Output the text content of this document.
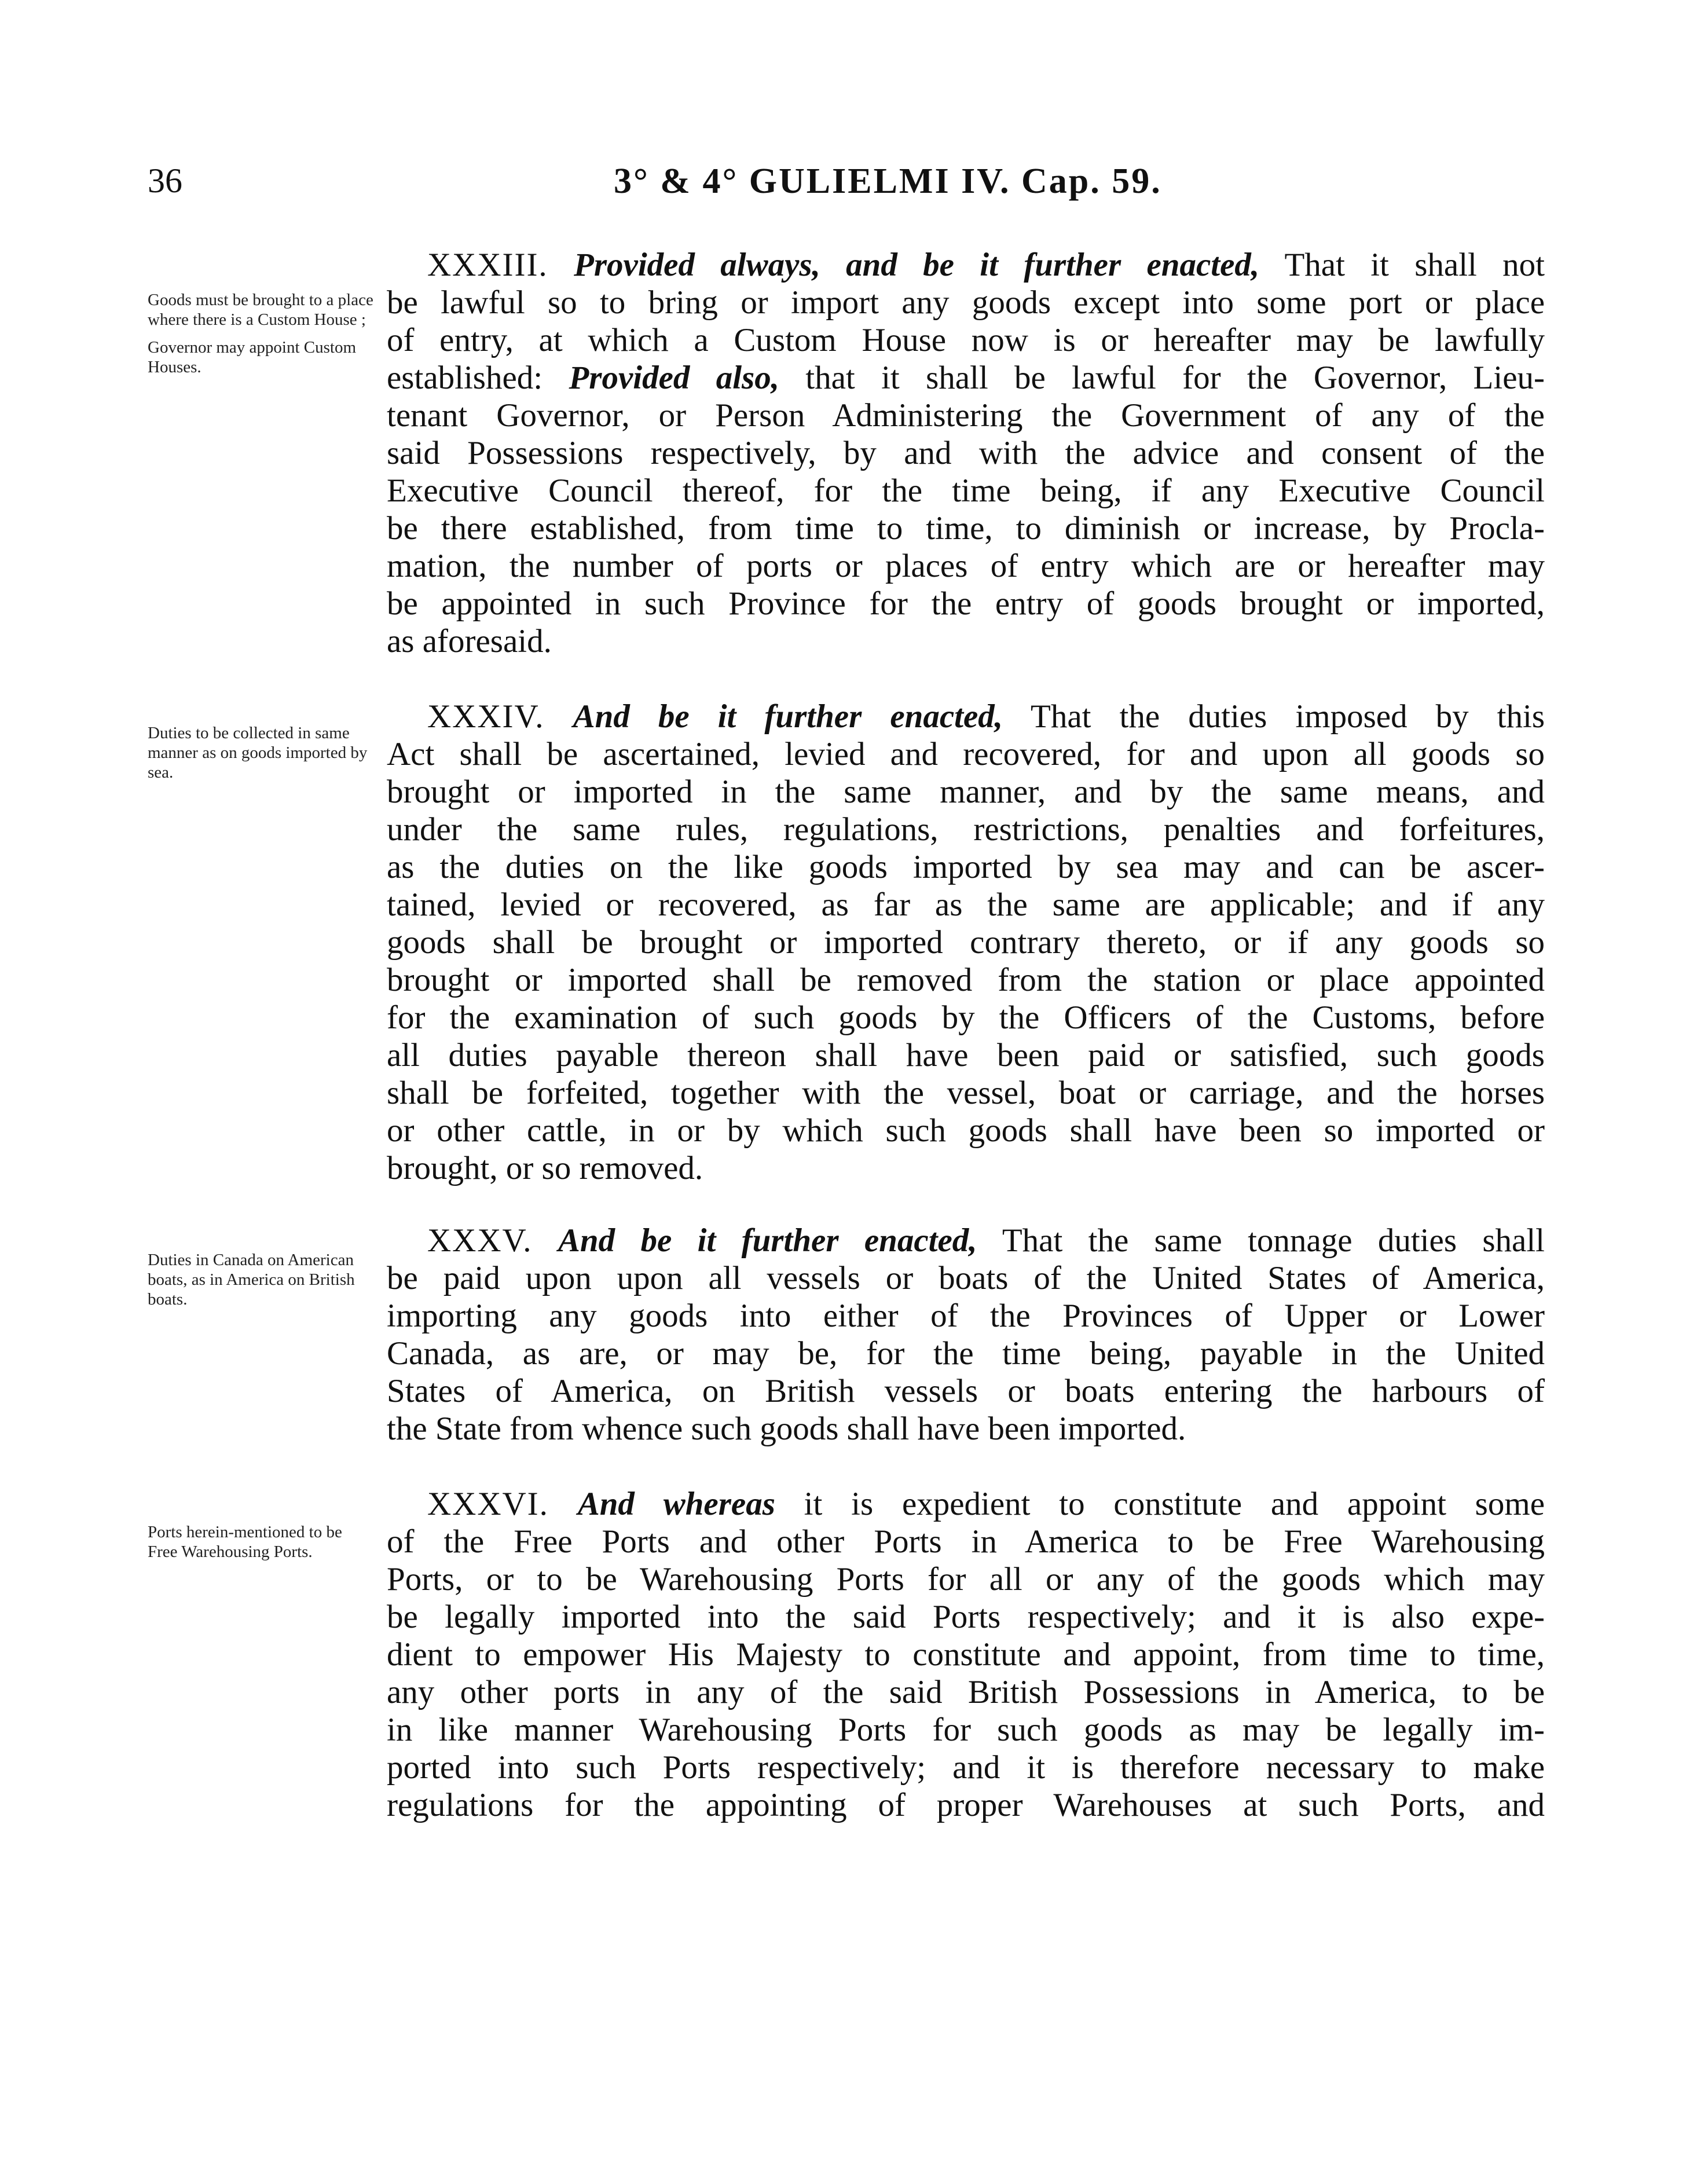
36	3° & 4° GULIELMI IV. Cap. 59.
Goods must be brought to a place where there is a Custom House ;
Governor may appoint Custom Houses.
Duties to be collected in same manner as on goods imported by sea.
Duties in Canada on American boats, as in America on British boats.
Ports herein-mentioned to be Free Warehousing Ports.
XXXIII. Provided always, and be it further enacted, That it shall not
be lawful so to bring or import any goods except into some port or place
of entry, at which a Custom House now is or hereafter may be lawfully
established: Provided also, that it shall be lawful for the Governor, Lieu-
tenant Governor, or Person Administering the Government of any of the
said Possessions respectively, by and with the advice and consent of the
Executive Council thereof, for the time being, if any Executive Council
be there established, from time to time, to diminish or increase, by Procla-
mation, the number of ports or places of entry which are or hereafter may
be appointed in such Province for the entry of goods brought or imported,
as aforesaid.
XXXIV. And be it further enacted, That the duties imposed by this
Act shall be ascertained, levied and recovered, for and upon all goods so
brought or imported in the same manner, and by the same means, and
under the same rules, regulations, restrictions, penalties and forfeitures,
as the duties on the like goods imported by sea may and can be ascer-
tained, levied or recovered, as far as the same are applicable; and if any
goods shall be brought or imported contrary thereto, or if any goods so
brought or imported shall be removed from the station or place appointed
for the examination of such goods by the Officers of the Customs, before
all duties payable thereon shall have been paid or satisfied, such goods
shall be forfeited, together with the vessel, boat or carriage, and the horses
or other cattle, in or by which such goods shall have been so imported or
brought, or so removed.
XXXV. And be it further enacted, That the same tonnage duties shall
be paid upon upon all vessels or boats of the United States of America,
importing any goods into either of the Provinces of Upper or Lower
Canada, as are, or may be, for the time being, payable in the United
States of America, on British vessels or boats entering the harbours of
the State from whence such goods shall have been imported.
XXXVI. And whereas it is expedient to constitute and appoint some
of the Free Ports and other Ports in America to be Free Warehousing
Ports, or to be Warehousing Ports for all or any of the goods which may
be legally imported into the said Ports respectively; and it is also expe-
dient to empower His Majesty to constitute and appoint, from time to time,
any other ports in any of the said British Possessions in America, to be
in like manner Warehousing Ports for such goods as may be legally im-
ported into such Ports respectively; and it is therefore necessary to make
regulations for the appointing of proper Warehouses at such Ports, and
